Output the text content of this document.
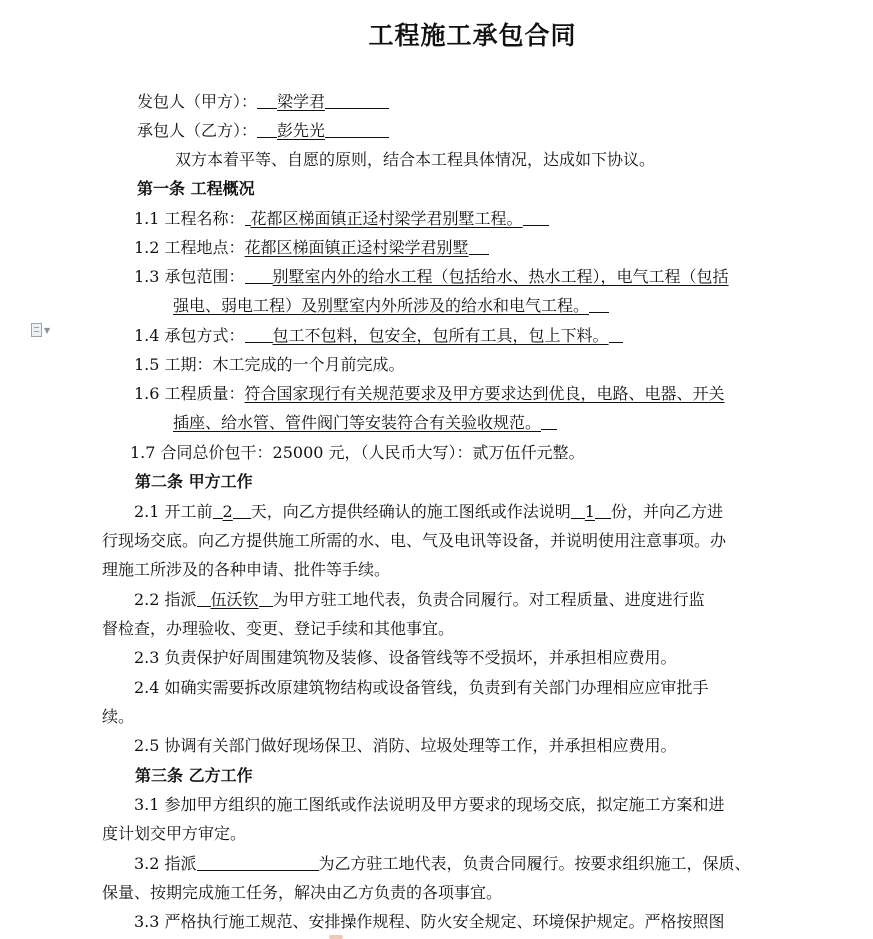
工程施工承包合同
▼
发包人（甲方）： 梁学君
承包人（乙方）： 彭先光
双方本着平等、自愿的原则，结合本工程具体情况，达成如下协议。
第一条 工程概况
1.1 工程名称： 花都区梯面镇正迳村梁学君别墅工程。
1.2 工程地点：花都区梯面镇正迳村梁学君别墅
1.3 承包范围： 别墅室内外的给水工程（包括给水、热水工程），电气工程（包括
强电、弱电工程）及别墅室内外所涉及的给水和电气工程。
1.4 承包方式： 包工不包料，包安全，包所有工具，包上下料。
1.5 工期：木工完成的一个月前完成。
1.6 工程质量：符合国家现行有关规范要求及甲方要求达到优良，电路、电器、开关
插座、给水管、管件阀门等安装符合有关验收规范。
1.7 合同总价包干：25000 元，（人民币大写）：贰万伍仟元整。
第二条 甲方工作
2.1 开工前 2 天，向乙方提供经确认的施工图纸或作法说明 1 份，并向乙方进
行现场交底。向乙方提供施工所需的水、电、气及电讯等设备，并说明使用注意事项。办
理施工所涉及的各种申请、批件等手续。
2.2 指派 伍沃钦 为甲方驻工地代表，负责合同履行。对工程质量、进度进行监
督检查，办理验收、变更、登记手续和其他事宜。
2.3 负责保护好周围建筑物及装修、设备管线等不受损坏，并承担相应费用。
2.4 如确实需要拆改原建筑物结构或设备管线，负责到有关部门办理相应应审批手
续。
2.5 协调有关部门做好现场保卫、消防、垃圾处理等工作，并承担相应费用。
第三条 乙方工作
3.1 参加甲方组织的施工图纸或作法说明及甲方要求的现场交底，拟定施工方案和进
度计划交甲方审定。
3.2 指派	为乙方驻工地代表，负责合同履行。按要求组织施工，保质、
保量、按期完成施工任务，解决由乙方负责的各项事宜。
3.3 严格执行施工规范、安排操作规程、防火安全规定、环境保护规定。严格按照图
